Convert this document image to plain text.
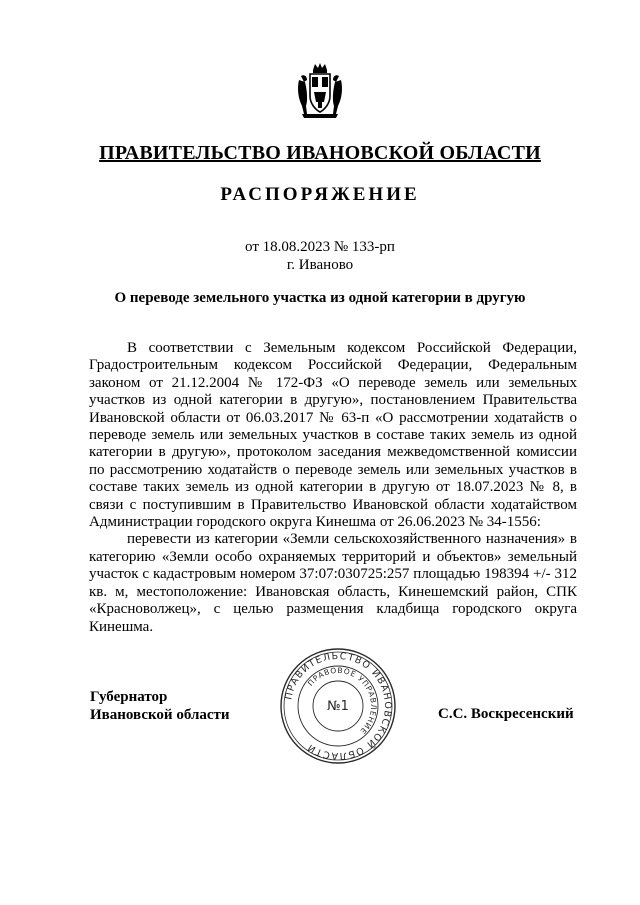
ПРАВИТЕЛЬСТВО ИВАНОВСКОЙ ОБЛАСТИ
РАСПОРЯЖЕНИЕ
от 18.08.2023 № 133-рп
г. Иваново
О переводе земельного участка из одной категории в другую

В соответствии с Земельным кодексом Российской Федерации, Градостроительным кодексом Российской Федерации, Федеральным законом от 21.12.2004 № 172-ФЗ «О переводе земель или земельных участков из одной категории в другую», постановлением Правительства Ивановской области от 06.03.2017 № 63-п «О рассмотрении ходатайств о переводе земель или земельных участков в составе таких земель из одной категории в другую», протоколом заседания межведомственной комиссии по рассмотрению ходатайств о переводе земель или земельных участков в составе таких земель из одной категории в другую от 18.07.2023 № 8, в связи с поступившим в Правительство Ивановской области ходатайством Администрации городского округа Кинешма от 26.06.2023 № 34-1556:

перевести из категории «Земли сельскохозяйственного назначения» в категорию «Земли особо охраняемых территорий и объектов» земельный участок с кадастровым номером 37:07:030725:257 площадью 198394 +/- 312 кв. м, местоположение: Ивановская область, Кинешемский район, СПК «Красноволжец», с целью размещения кладбища городского округа Кинешма.

Губернатор
Ивановской области	С.С. Воскресенский
ПРАВИТЕЛЬСТВО ИВАНОВСКОЙ ОБЛАСТИ
ПРАВОВОЕ УПРАВЛЕНИЕ
№1
